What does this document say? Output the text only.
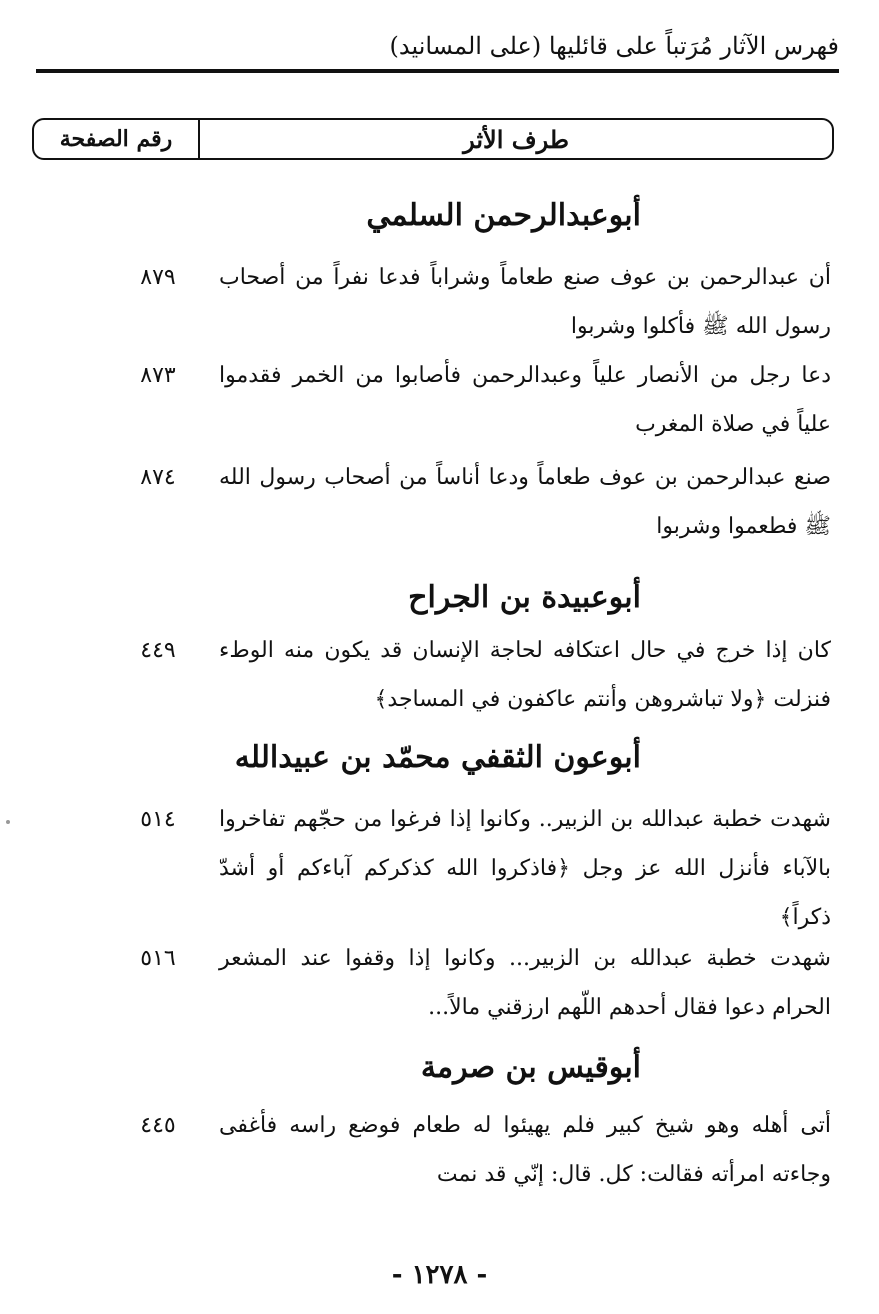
فهرس الآثار مُرَتباً على قائليها (على المسانيد)
طرف الأثر
رقم الصفحة
أبوعبدالرحمن السلمي
أن عبدالرحمن بن عوف صنع طعاماً وشراباً فدعا نفراً من أصحاب رسول الله ﷺ فأكلوا وشربوا
٨٧٩
دعا رجل من الأنصار علياً وعبدالرحمن فأصابوا من الخمر فقدموا علياً في صلاة المغرب
٨٧٣
صنع عبدالرحمن بن عوف طعاماً ودعا أناساً من أصحاب رسول الله ﷺ فطعموا وشربوا
٨٧٤
أبوعبيدة بن الجراح
كان إذا خرج في حال اعتكافه لحاجة الإنسان قد يكون منه الوطء فنزلت ﴿ولا تباشروهن وأنتم عاكفون في المساجد﴾
٤٤٩
أبوعون الثقفي محمّد بن عبيدالله
شهدت خطبة عبدالله بن الزبير.. وكانوا إذا فرغوا من حجّهم تفاخروا بالآباء فأنزل الله عز وجل ﴿فاذكروا الله كذكركم آباءكم أو أشدّ ذكراً﴾
٥١٤
شهدت خطبة عبدالله بن الزبير... وكانوا إذا وقفوا عند المشعر الحرام دعوا فقال أحدهم اللّهم ارزقني مالاً...
٥١٦
أبوقيس بن صرمة
أتى أهله وهو شيخ كبير فلم يهيئوا له طعام فوضع راسه فأغفى وجاءته امرأته فقالت: كل. قال: إنّي قد نمت
٤٤٥
- ١٢٧٨ -
